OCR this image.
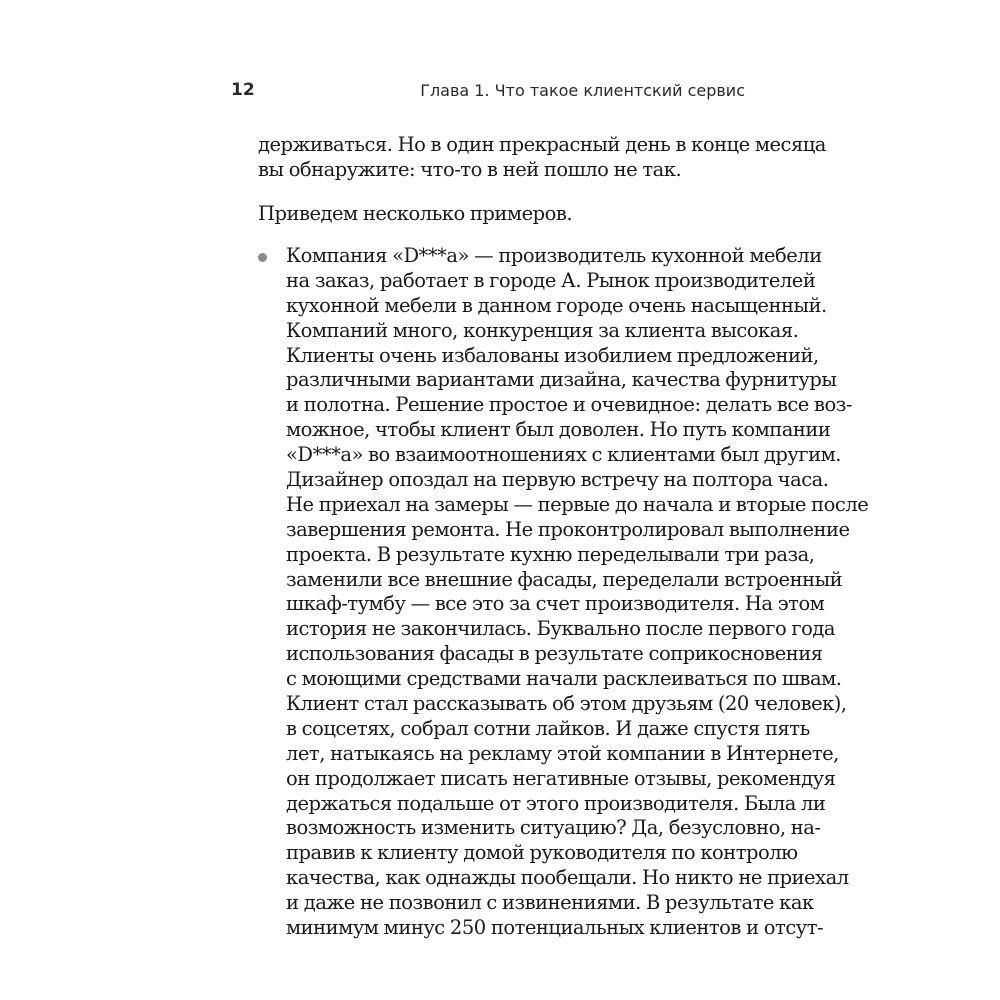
12	Глава 1. Что такое клиентский сервис
держиваться. Но в один прекрасный день в конце месяца
вы обнаружите: что-то в ней пошло не так.
Приведем несколько примеров.
Компания «D***a» — производитель кухонной мебели
на заказ, работает в городе А. Рынок производителей
кухонной мебели в данном городе очень насыщенный.
Компаний много, конкуренция за клиента высокая.
Клиенты очень избалованы изобилием предложений,
различными вариантами дизайна, качества фурнитуры
и полотна. Решение простое и очевидное: делать все воз-
можное, чтобы клиент был доволен. Но путь компании
«D***a» во взаимоотношениях с клиентами был другим.
Дизайнер опоздал на первую встречу на полтора часа.
Не приехал на замеры — первые до начала и вторые после
завершения ремонта. Не проконтролировал выполнение
проекта. В результате кухню переделывали три раза,
заменили все внешние фасады, переделали встроенный
шкаф-тумбу — все это за счет производителя. На этом
история не закончилась. Буквально после первого года
использования фасады в результате соприкосновения
с моющими средствами начали расклеиваться по швам.
Клиент стал рассказывать об этом друзьям (20 человек),
в соцсетях, собрал сотни лайков. И даже спустя пять
лет, натыкаясь на рекламу этой компании в Интернете,
он продолжает писать негативные отзывы, рекомендуя
держаться подальше от этого производителя. Была ли
возможность изменить ситуацию? Да, безусловно, на-
правив к клиенту домой руководителя по контролю
качества, как однажды пообещали. Но никто не приехал
и даже не позвонил с извинениями. В результате как
минимум минус 250 потенциальных клиентов и отсут-
